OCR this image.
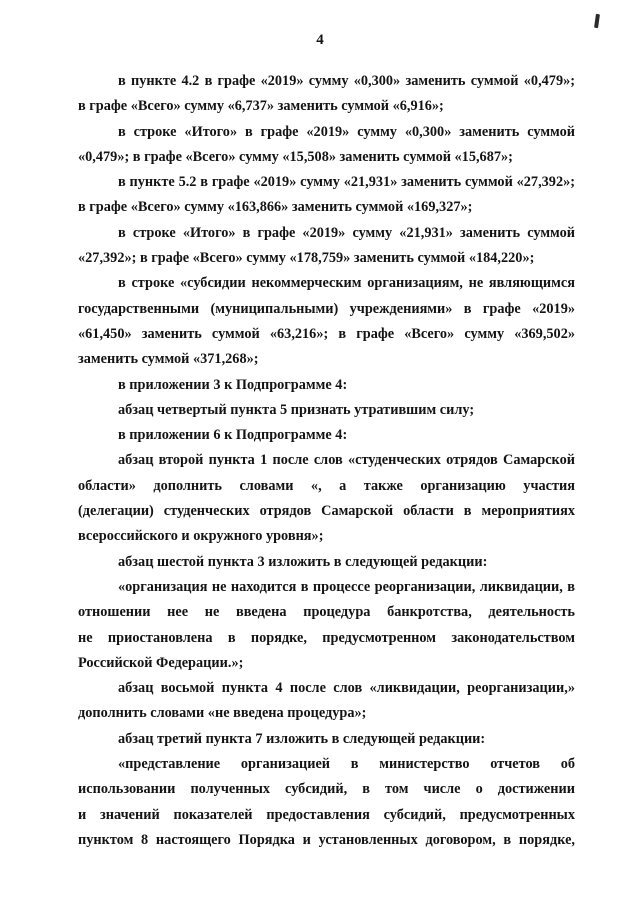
4
в пункте 4.2 в графе «2019» сумму «0,300» заменить суммой «0,479»;
в графе «Всего» сумму «6,737» заменить суммой «6,916»;
в строке «Итого» в графе «2019» сумму «0,300» заменить суммой
«0,479»; в графе «Всего» сумму «15,508» заменить суммой «15,687»;
в пункте 5.2 в графе «2019» сумму «21,931» заменить суммой «27,392»;
в графе «Всего» сумму «163,866» заменить суммой «169,327»;
в строке «Итого» в графе «2019» сумму «21,931» заменить суммой
«27,392»; в графе «Всего» сумму «178,759» заменить суммой «184,220»;
в строке «субсидии некоммерческим организациям, не являющимся
государственными (муниципальными) учреждениями» в графе «2019»
«61,450» заменить суммой «63,216»; в графе «Всего» сумму «369,502»
заменить суммой «371,268»;
в приложении 3 к Подпрограмме 4:
абзац четвертый пункта 5 признать утратившим силу;
в приложении 6 к Подпрограмме 4:
абзац второй пункта 1 после слов «студенческих отрядов Самарской
области» дополнить словами «, а также организацию участия
(делегации) студенческих отрядов Самарской области в мероприятиях
всероссийского и окружного уровня»;
абзац шестой пункта 3 изложить в следующей редакции:
«организация не находится в процессе реорганизации, ликвидации, в
отношении нее не введена процедура банкротства, деятельность
не приостановлена в порядке, предусмотренном законодательством
Российской Федерации.»;
абзац восьмой пункта 4 после слов «ликвидации, реорганизации,»
дополнить словами «не введена процедура»;
абзац третий пункта 7 изложить в следующей редакции:
«представление организацией в министерство отчетов об
использовании полученных субсидий, в том числе о достижении
и значений показателей предоставления субсидий, предусмотренных
пунктом 8 настоящего Порядка и установленных договором, в порядке,
